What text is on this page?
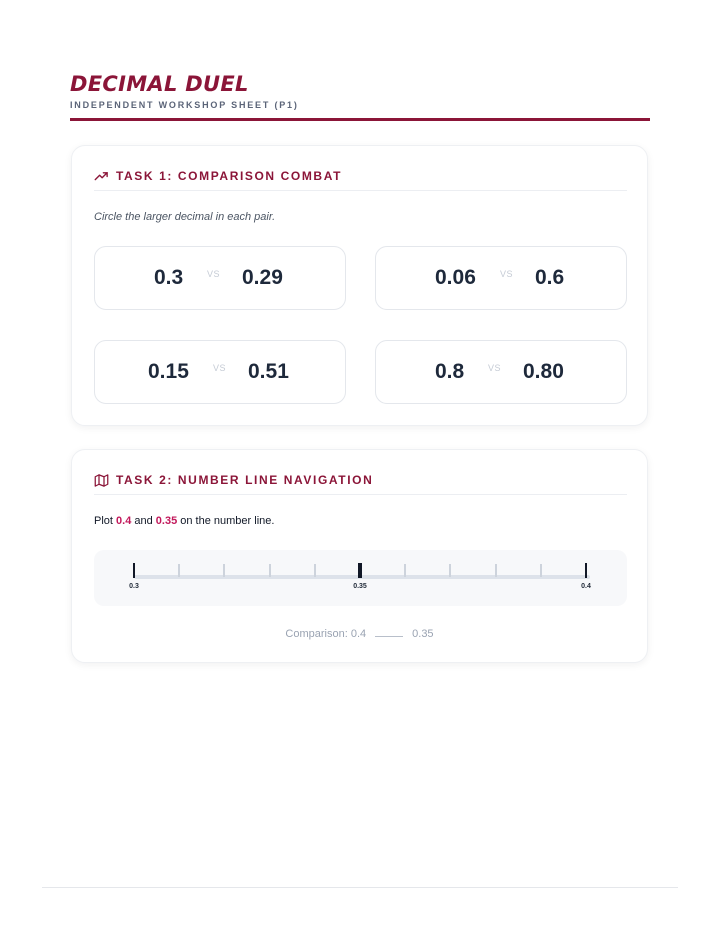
DECIMAL DUEL
INDEPENDENT WORKSHOP SHEET (P1)
TASK 1: COMPARISON COMBAT
Circle the larger decimal in each pair.
0.3	VS 0.29	0.06	VS 0.6
0.15	VS 0.51	0.8	VS 0.80
TASK 2: NUMBER LINE NAVIGATION
Plot 0.4 and 0.35 on the number line.
0.3	0.35	0.4
Comparison: 0.4	0.35
